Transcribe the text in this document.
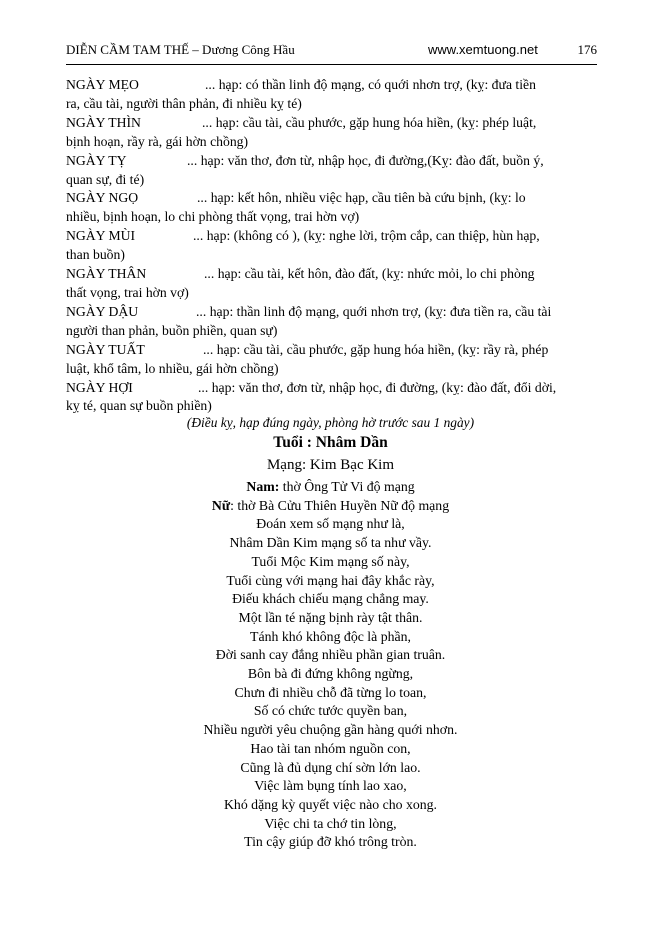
DIỄN CẦM TAM THẾ – Dương Công Hầu	www.xemtuong.net	176

NGÀY MẸO	... hạp: có thần linh độ mạng, có quới nhơn trợ, (kỵ: đưa tiền
ra, cầu tài, người thân phản, đi nhiều kỵ té)

NGÀY THÌN	... hạp: cầu tài, cầu phước, gặp hung hóa hiền, (kỵ: phép luật,
bịnh hoạn, rầy rà, gái hờn chồng)

NGÀY TỴ	... hạp: văn thơ, đơn từ, nhập học, đi đường,(Kỵ: đào đất, buồn ý,
quan sự, đi té)

NGÀY NGỌ	... hạp: kết hôn, nhiều việc hạp, cầu tiên bà cứu bịnh, (kỵ: lo
nhiều, bịnh hoạn, lo chi phòng thất vọng, trai hờn vợ)

NGÀY MÙI	... hạp: (không có ), (kỵ: nghe lời, trộm cắp, can thiệp, hùn hạp,
than buồn)

NGÀY THÂN	... hạp: cầu tài, kết hôn, đào đất, (kỵ: nhức mỏi, lo chi phòng
thất vọng, trai hờn vợ)

NGÀY DẬU	... hạp: thần linh độ mạng, quới nhơn trợ, (kỵ: đưa tiền ra, cầu tài
người than phản, buồn phiền, quan sự)

NGÀY TUẤT	... hạp: cầu tài, cầu phước, gặp hung hóa hiền, (kỵ: rầy rà, phép
luật, khổ tâm, lo nhiều, gái hờn chồng)

NGÀY HỢI	... hạp: văn thơ, đơn từ, nhập học, đi đường, (kỵ: đào đất, đổi dời,
kỵ té, quan sự buồn phiền)

(Điều kỵ, hạp đúng ngày, phòng hờ trước sau 1 ngày)
Tuổi : Nhâm Dần
Mạng: Kim Bạc Kim
Nam: thờ Ông Tử Vi độ mạng
Nữ: thờ Bà Cửu Thiên Huyền Nữ độ mạng
Đoán xem số mạng như là,
Nhâm Dần Kim mạng số ta như vầy.
Tuổi Mộc Kim mạng số này,
Tuổi cùng với mạng hai đây khắc rày,
Điếu khách chiếu mạng chẳng may.
Một lần té nặng bịnh rày tật thân.
Tánh khó không độc là phần,
Đời sanh cay đắng nhiều phần gian truân.
Bôn bà đi đứng không ngừng,
Chưn đi nhiều chỗ đã từng lo toan,
Số có chức tước quyền ban,
Nhiều người yêu chuộng gần hàng quới nhơn.
Hao tài tan nhóm nguồn con,
Cũng là đủ dụng chí sờn lớn lao.
Việc làm bụng tính lao xao,
Khó dặng kỳ quyết việc nào cho xong.
Việc chi ta chớ tin lòng,
Tin cậy giúp đỡ khó trông tròn.
